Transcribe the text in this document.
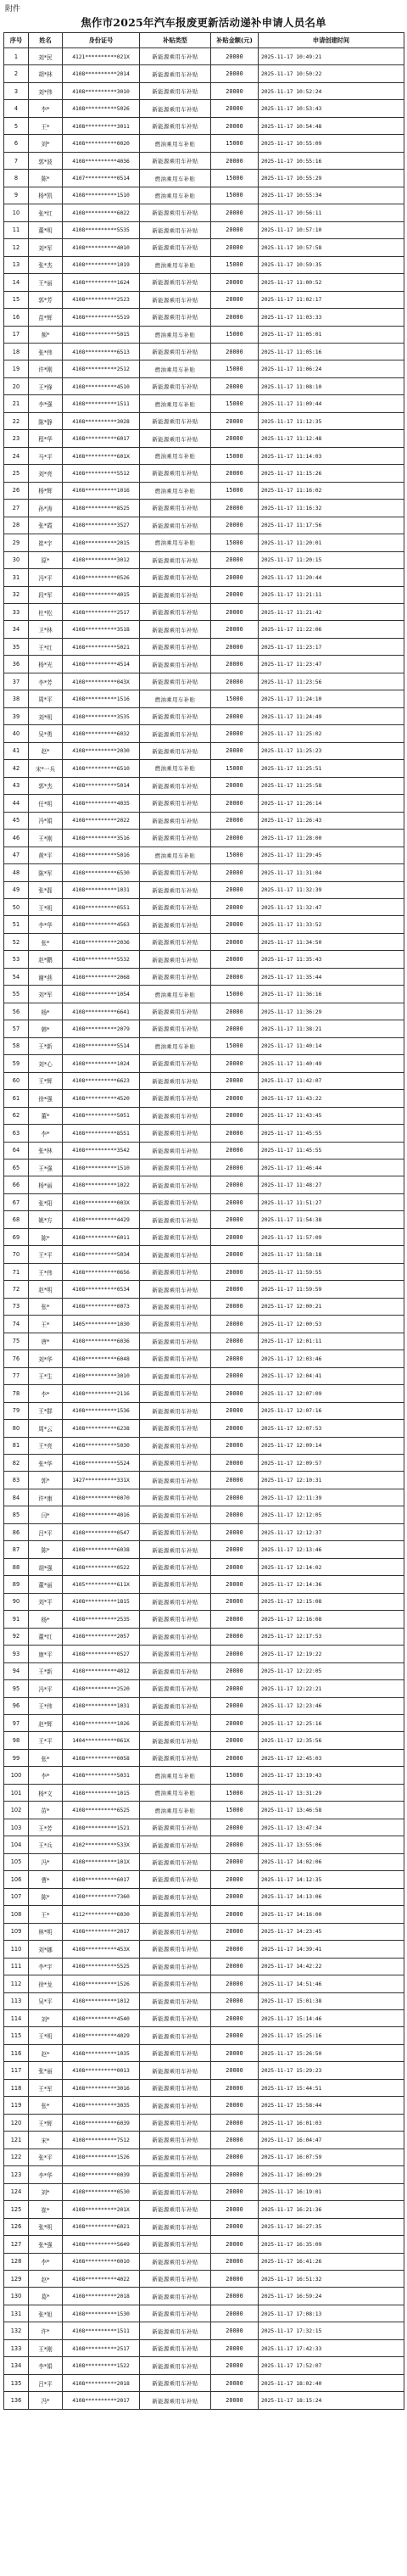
附件
焦作市2025年汽车报废更新活动递补申请人员名单
序号	姓名	身份证号	补贴类型	补贴金额(元)	申请创建时间
1	刘*民	4121**********021X	新能源乘用车补贴	20000	2025-11-17 10:49:21
2	胡*林	4108**********2014	新能源乘用车补贴	20000	2025-11-17 10:50:22
3	刘*伟	4108**********3010	新能源乘用车补贴	20000	2025-11-17 10:52:24
4	李*	4108**********5026	新能源乘用车补贴	20000	2025-11-17 10:53:43
5	王*	4108**********3011	新能源乘用车补贴	20000	2025-11-17 10:54:48
6	刘*	4108**********0020	燃油乘用车补贴	15000	2025-11-17 10:55:09
7	郭*波	4108**********4036	新能源乘用车补贴	20000	2025-11-17 10:55:16
8	陈*	4107**********0514	燃油乘用车补贴	15000	2025-11-17 10:55:29
9	杨*凯	4108**********1510	燃油乘用车补贴	15000	2025-11-17 10:55:34
10	张*红	4108**********6022	新能源乘用车补贴	20000	2025-11-17 10:56:11
11	董*明	4108**********5535	新能源乘用车补贴	20000	2025-11-17 10:57:10
12	刘*军	4108**********4010	新能源乘用车补贴	20000	2025-11-17 10:57:58
13	张*杰	4108**********1019	燃油乘用车补贴	15000	2025-11-17 10:59:35
14	王*丽	4108**********1624	新能源乘用车补贴	20000	2025-11-17 11:00:52
15	郭*芳	4108**********2523	新能源乘用车补贴	20000	2025-11-17 11:02:17
16	苗*辉	4108**********5519	新能源乘用车补贴	20000	2025-11-17 11:03:33
17	郝*	4108**********5015	燃油乘用车补贴	15000	2025-11-17 11:05:01
18	张*伟	4108**********6513	新能源乘用车补贴	20000	2025-11-17 11:05:16
19	许*刚	4108**********2512	燃油乘用车补贴	15000	2025-11-17 11:06:24
20	王*锋	4108**********4510	新能源乘用车补贴	20000	2025-11-17 11:08:10
21	李*强	4108**********1511	燃油乘用车补贴	15000	2025-11-17 11:09:44
22	陈*静	4108**********3028	新能源乘用车补贴	20000	2025-11-17 11:12:35
23	程*华	4108**********6017	新能源乘用车补贴	20000	2025-11-17 11:12:48
24	马*平	4108**********601X	燃油乘用车补贴	15000	2025-11-17 11:14:03
25	刘*亮	4108**********5512	新能源乘用车补贴	20000	2025-11-17 11:15:26
26	杨*辉	4108**********1016	燃油乘用车补贴	15000	2025-11-17 11:16:02
27	孙*涛	4108**********8525	新能源乘用车补贴	20000	2025-11-17 11:16:32
28	张*霞	4108**********3527	新能源乘用车补贴	20000	2025-11-17 11:17:56
29	崔*宇	4108**********2015	燃油乘用车补贴	15000	2025-11-17 11:20:01
30	原*	4108**********3012	新能源乘用车补贴	20000	2025-11-17 11:20:15
31	冯*平	4108**********0526	新能源乘用车补贴	20000	2025-11-17 11:20:44
32	段*军	4108**********4015	新能源乘用车补贴	20000	2025-11-17 11:21:11
33	杜*松	4108**********2517	新能源乘用车补贴	20000	2025-11-17 11:21:42
34	卫*林	4108**********3518	新能源乘用车补贴	20000	2025-11-17 11:22:06
35	王*红	4108**********5021	新能源乘用车补贴	20000	2025-11-17 11:23:17
36	杨*光	4108**********4514	新能源乘用车补贴	20000	2025-11-17 11:23:47
37	李*芳	4108**********043X	新能源乘用车补贴	20000	2025-11-17 11:23:56
38	周*平	4108**********1516	燃油乘用车补贴	15000	2025-11-17 11:24:10
39	刘*明	4108**********3535	新能源乘用车补贴	20000	2025-11-17 11:24:49
40	吴*勇	4108**********6032	新能源乘用车补贴	20000	2025-11-17 11:25:02
41	赵*	4108**********2030	新能源乘用车补贴	20000	2025-11-17 11:25:23
42	宋*一兵	4108**********6510	燃油乘用车补贴	15000	2025-11-17 11:25:51
43	郭*杰	4108**********5014	新能源乘用车补贴	20000	2025-11-17 11:25:58
44	任*明	4108**********4035	新能源乘用车补贴	20000	2025-11-17 11:26:14
45	冯*娟	4108**********2022	新能源乘用车补贴	20000	2025-11-17 11:26:43
46	王*刚	4108**********3516	新能源乘用车补贴	20000	2025-11-17 11:28:00
47	黄*平	4108**********5016	燃油乘用车补贴	15000	2025-11-17 11:29:45
48	陈*军	4108**********6530	新能源乘用车补贴	20000	2025-11-17 11:31:04
49	张*磊	4108**********1031	新能源乘用车补贴	20000	2025-11-17 11:32:39
50	王*明	4108**********0551	新能源乘用车补贴	20000	2025-11-17 11:32:47
51	李*华	4108**********4563	新能源乘用车补贴	20000	2025-11-17 11:33:52
52	张*	4108**********2036	新能源乘用车补贴	20000	2025-11-17 11:34:50
53	赵*鹏	4108**********5532	新能源乘用车补贴	20000	2025-11-17 11:35:43
54	谢*燕	4108**********2068	新能源乘用车补贴	20000	2025-11-17 11:35:44
55	刘*军	4108**********1054	燃油乘用车补贴	15000	2025-11-17 11:36:16
56	杨*	4108**********6641	新能源乘用车补贴	20000	2025-11-17 11:36:29
57	韩*	4108**********2079	新能源乘用车补贴	20000	2025-11-17 11:38:21
58	王*新	4108**********5514	燃油乘用车补贴	15000	2025-11-17 11:40:14
59	刘*心	4108**********1024	新能源乘用车补贴	20000	2025-11-17 11:40:49
60	王*辉	4108**********6623	新能源乘用车补贴	20000	2025-11-17 11:42:07
61	徐*强	4108**********4520	新能源乘用车补贴	20000	2025-11-17 11:43:22
62	董*	4108**********5051	新能源乘用车补贴	20000	2025-11-17 11:43:45
63	李*	4108**********8551	新能源乘用车补贴	20000	2025-11-17 11:45:55
64	张*林	4108**********3542	新能源乘用车补贴	20000	2025-11-17 11:45:55
65	王*强	4108**********1510	新能源乘用车补贴	20000	2025-11-17 11:46:44
66	杨*丽	4108**********1022	新能源乘用车补贴	20000	2025-11-17 11:48:27
67	张*阳	4108**********003X	新能源乘用车补贴	20000	2025-11-17 11:51:27
68	姚*方	4108**********4429	新能源乘用车补贴	20000	2025-11-17 11:54:38
69	陈*	4108**********6011	新能源乘用车补贴	20000	2025-11-17 11:57:09
70	王*平	4108**********5034	新能源乘用车补贴	20000	2025-11-17 11:58:18
71	王*伟	4108**********0656	新能源乘用车补贴	20000	2025-11-17 11:59:55
72	赵*明	4108**********0534	新能源乘用车补贴	20000	2025-11-17 11:59:59
73	张*	4108**********0073	新能源乘用车补贴	20000	2025-11-17 12:00:21
74	王*	1405**********1030	新能源乘用车补贴	20000	2025-11-17 12:00:53
75	唐*	4108**********6036	新能源乘用车补贴	20000	2025-11-17 12:01:11
76	刘*华	4108**********6048	新能源乘用车补贴	20000	2025-11-17 12:03:46
77	王*生	4108**********3010	新能源乘用车补贴	20000	2025-11-17 12:04:41
78	李*	4108**********2116	新能源乘用车补贴	20000	2025-11-17 12:07:09
79	王*群	4108**********1536	新能源乘用车补贴	20000	2025-11-17 12:07:16
80	周*云	4108**********6238	新能源乘用车补贴	20000	2025-11-17 12:07:53
81	王*亮	4108**********5030	新能源乘用车补贴	20000	2025-11-17 12:09:14
82	张*华	4108**********5524	新能源乘用车补贴	20000	2025-11-17 12:09:57
83	郭*	1427**********331X	新能源乘用车补贴	20000	2025-11-17 12:10:31
84	许*康	4108**********0070	新能源乘用车补贴	20000	2025-11-17 12:11:39
85	闫*	4108**********4016	新能源乘用车补贴	20000	2025-11-17 12:12:05
86	吕*平	4108**********0547	新能源乘用车补贴	20000	2025-11-17 12:12:37
87	陈*	4108**********6038	新能源乘用车补贴	20000	2025-11-17 12:13:46
88	胡*强	4108**********0522	新能源乘用车补贴	20000	2025-11-17 12:14:02
89	董*丽	4105**********611X	新能源乘用车补贴	20000	2025-11-17 12:14:36
90	刘*平	4108**********1815	新能源乘用车补贴	20000	2025-11-17 12:15:08
91	杨*	4108**********2535	新能源乘用车补贴	20000	2025-11-17 12:16:08
92	董*红	4108**********2057	新能源乘用车补贴	20000	2025-11-17 12:17:53
93	康*平	4108**********0527	新能源乘用车补贴	20000	2025-11-17 12:19:22
94	王*新	4108**********4012	新能源乘用车补贴	20000	2025-11-17 12:22:05
95	冯*平	4108**********2520	新能源乘用车补贴	20000	2025-11-17 12:22:21
96	王*伟	4108**********1031	新能源乘用车补贴	20000	2025-11-17 12:23:46
97	赵*辉	4108**********1026	新能源乘用车补贴	20000	2025-11-17 12:25:16
98	王*平	1404**********061X	新能源乘用车补贴	20000	2025-11-17 12:35:56
99	张*	4108**********0058	新能源乘用车补贴	20000	2025-11-17 12:45:03
100	李*	4108**********5031	燃油乘用车补贴	15000	2025-11-17 13:19:43
101	杨*文	4108**********1015	燃油乘用车补贴	15000	2025-11-17 13:31:29
102	苗*	4108**********6525	燃油乘用车补贴	15000	2025-11-17 13:46:58
103	王*芳	4108**********1521	新能源乘用车补贴	20000	2025-11-17 13:47:34
104	王*兵	4102**********533X	新能源乘用车补贴	20000	2025-11-17 13:55:06
105	冯*	4108**********101X	新能源乘用车补贴	20000	2025-11-17 14:02:06
106	曹*	4108**********6017	新能源乘用车补贴	20000	2025-11-17 14:12:35
107	陈*	4108**********7360	新能源乘用车补贴	20000	2025-11-17 14:13:06
108	王*	4112**********6030	新能源乘用车补贴	20000	2025-11-17 14:16:00
109	林*明	4108**********2017	新能源乘用车补贴	20000	2025-11-17 14:23:45
110	刘*娜	4108**********453X	新能源乘用车补贴	20000	2025-11-17 14:39:41
111	李*宇	4108**********5525	新能源乘用车补贴	20000	2025-11-17 14:42:22
112	徐*龙	4108**********1526	新能源乘用车补贴	20000	2025-11-17 14:51:46
113	吴*平	4108**********1012	新能源乘用车补贴	20000	2025-11-17 15:01:38
114	刘*	4108**********4540	新能源乘用车补贴	20000	2025-11-17 15:14:46
115	王*明	4108**********4029	新能源乘用车补贴	20000	2025-11-17 15:25:16
116	赵*	4108**********1035	新能源乘用车补贴	20000	2025-11-17 15:26:50
117	张*丽	4108**********0013	新能源乘用车补贴	20000	2025-11-17 15:29:23
118	王*军	4108**********3016	新能源乘用车补贴	20000	2025-11-17 15:44:51
119	张*	4108**********3035	新能源乘用车补贴	20000	2025-11-17 15:58:44
120	王*辉	4108**********6039	新能源乘用车补贴	20000	2025-11-17 16:01:03
121	宋*	4108**********7512	新能源乘用车补贴	20000	2025-11-17 16:04:47
122	张*平	4108**********1526	新能源乘用车补贴	20000	2025-11-17 16:07:59
123	李*华	4108**********0039	新能源乘用车补贴	20000	2025-11-17 16:09:29
124	刘*	4108**********0530	新能源乘用车补贴	20000	2025-11-17 16:19:01
125	崔*	4108**********201X	新能源乘用车补贴	20000	2025-11-17 16:21:36
126	张*明	4108**********6021	新能源乘用车补贴	20000	2025-11-17 16:27:35
127	张*强	4108**********5649	新能源乘用车补贴	20000	2025-11-17 16:35:09
128	李*	4108**********0010	新能源乘用车补贴	20000	2025-11-17 16:41:26
129	赵*	4108**********4022	新能源乘用车补贴	20000	2025-11-17 16:51:32
130	葛*	4108**********2018	新能源乘用车补贴	20000	2025-11-17 16:59:24
131	张*旭	4108**********1530	新能源乘用车补贴	20000	2025-11-17 17:08:13
132	许*	4108**********1511	新能源乘用车补贴	20000	2025-11-17 17:32:15
133	王*刚	4108**********2517	新能源乘用车补贴	20000	2025-11-17 17:42:33
134	李*娟	4108**********1522	新能源乘用车补贴	20000	2025-11-17 17:52:07
135	吕*平	4108**********2018	新能源乘用车补贴	20000	2025-11-17 18:02:40
136	冯*	4108**********2017	新能源乘用车补贴	20000	2025-11-17 18:15:24
